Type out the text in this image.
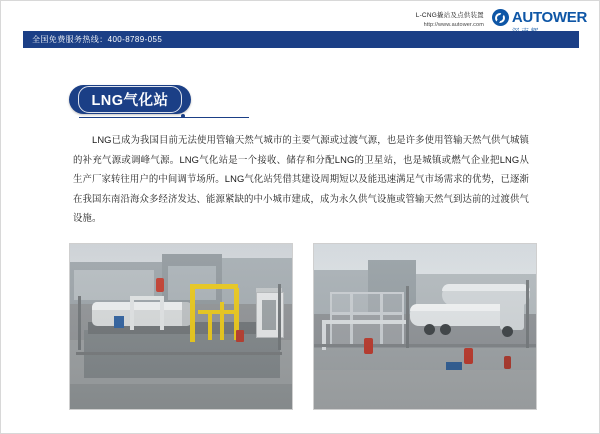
L-CNG撬站及点供装置
http://www.autower.com AUTOWER
全国免费服务热线：400-8789-055
LNG气化站
LNG已成为我国目前无法使用管输天然气城市的主要气源或过渡气源，也是许多使用管输天然气供气城镇的补充气源或调峰气源。LNG气化站是一个接收、储存和分配LNG的卫星站，也是城镇或燃气企业把LNG从生产厂家转往用户的中间调节场所。LNG气化站凭借其建设周期短以及能迅速满足气市场需求的优势，已逐渐在我国东南沿海众多经济发达、能源紧缺的中小城市建成，成为永久供气设施或管输天然气到达前的过渡供气设施。
